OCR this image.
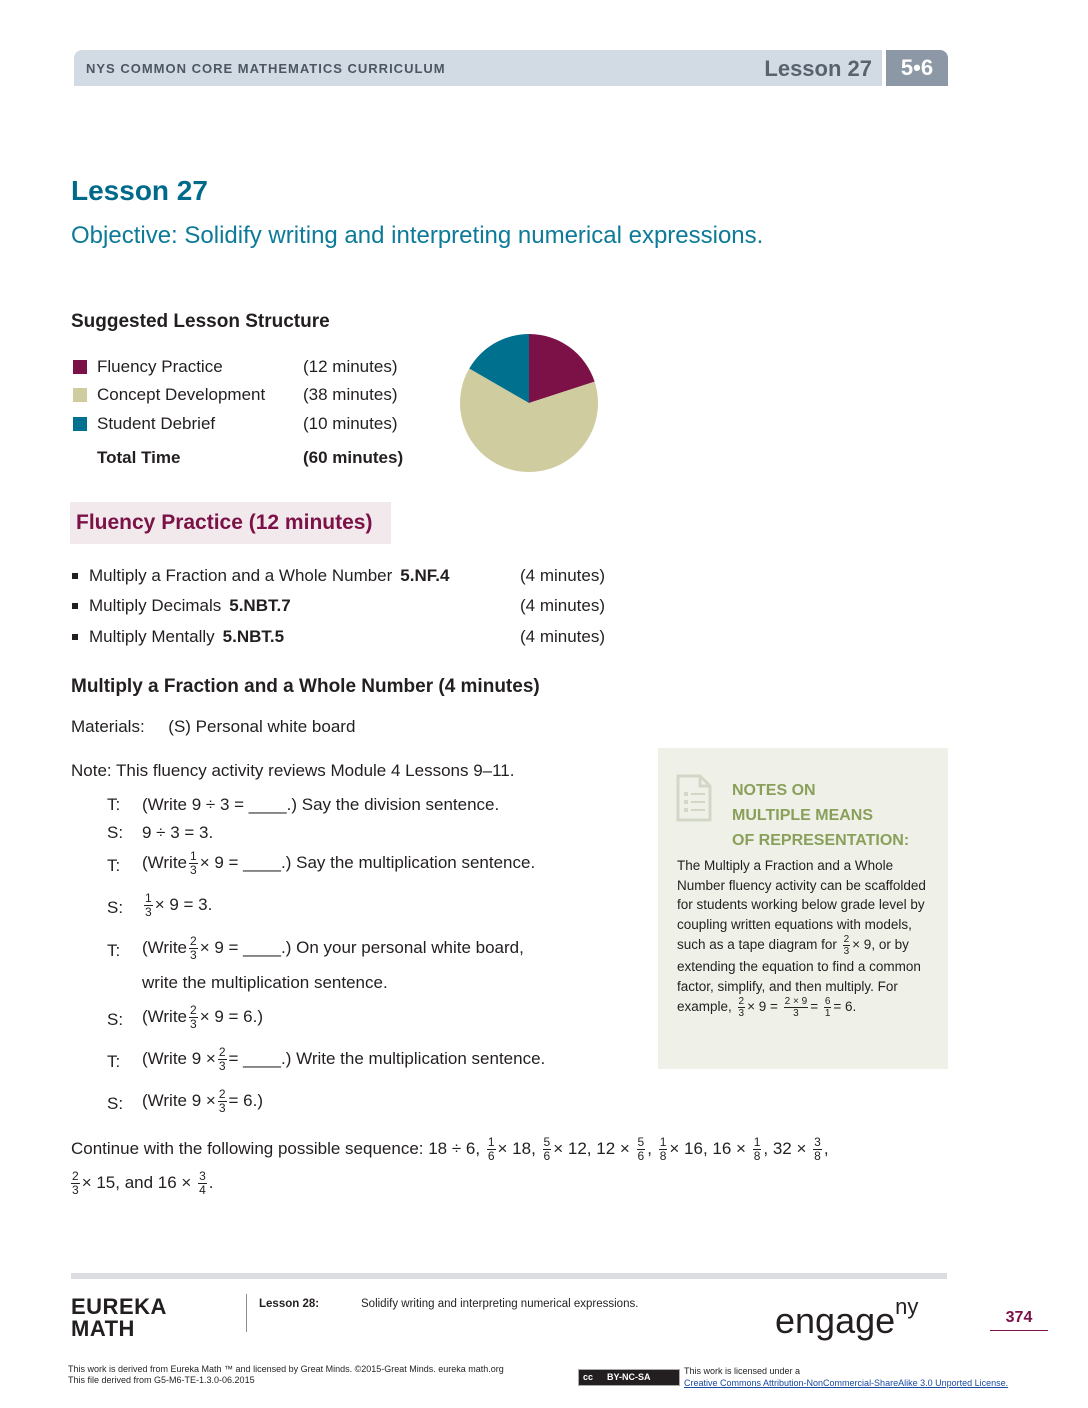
NYS COMMON CORE MATHEMATICS CURRICULUM	Lesson 27	5•6
Lesson 27
Objective: Solidify writing and interpreting numerical expressions.
Suggested Lesson Structure
Fluency Practice	(12 minutes)
Concept Development (38 minutes)
Student Debrief	(10 minutes)
Total Time	(60 minutes)
Fluency Practice (12 minutes)
Multiply a Fraction and a Whole Number 5.NF.4	(4 minutes)
Multiply Decimals 5.NBT.7	(4 minutes)
Multiply Mentally 5.NBT.5	(4 minutes)
Multiply a Fraction and a Whole Number (4 minutes)
Materials:     (S) Personal white board
Note: This fluency activity reviews Module 4 Lessons 9–11.
T: (Write 9 ÷ 3 = ____.) Say the division sentence.
S: 9 ÷ 3 = 3.
T: (Write $\frac{1}{3} \times 9$ = ____.) Say the multiplication sentence.
S: $\frac{1}{3} \times 9 = 3$.
T: (Write $\frac{2}{3} \times 9$ = ____.) On your personal white board,
write the multiplication sentence.
S: (Write $\frac{2}{3} \times 9 = 6$.)
T: (Write $9 \times \frac{2}{3}$ = ____.) Write the multiplication sentence.
S: (Write $9 \times \frac{2}{3} = 6$.)
Continue with the following possible sequence: 18 ÷ 6, $\frac{1}{6} \times 18$, $\frac{5}{6} \times 12$, $12 \times \frac{5}{6}$ , $\frac{1}{8} \times 16$, $16 \times \frac{1}{8}$ , $32 \times \frac{3}{8}$ ,
$\frac{2}{3} \times 15$, and $16 \times \frac{3}{4}$ .
NOTES ON
MULTIPLE MEANS
OF REPRESENTATION:
The Multiply a Fraction and a Whole Number fluency activity can be scaffolded for students working below grade level by coupling written equations with models, such as a tape diagram for $\frac{2}{3} \times 9$, or by extending the equation to find a common factor, simplify, and then multiply. For example, $\frac{2}{3} \times 9 = \frac{2 \times 9}{3} = \frac{6}{1} = 6$.
EUREKA
MATH
Lesson 28:	Solidify writing and interpreting numerical expressions.	engage$^{ny}$	374
This work is derived from Eureka Math ™ and licensed by Great Minds. ©2015-Great Minds. eureka math.org
This file derived from G5-M6-TE-1.3.0-06.2015	cc BY-NC-SA
This work is licensed under a
Creative Commons Attribution-NonCommercial-ShareAlike 3.0 Unported License.
